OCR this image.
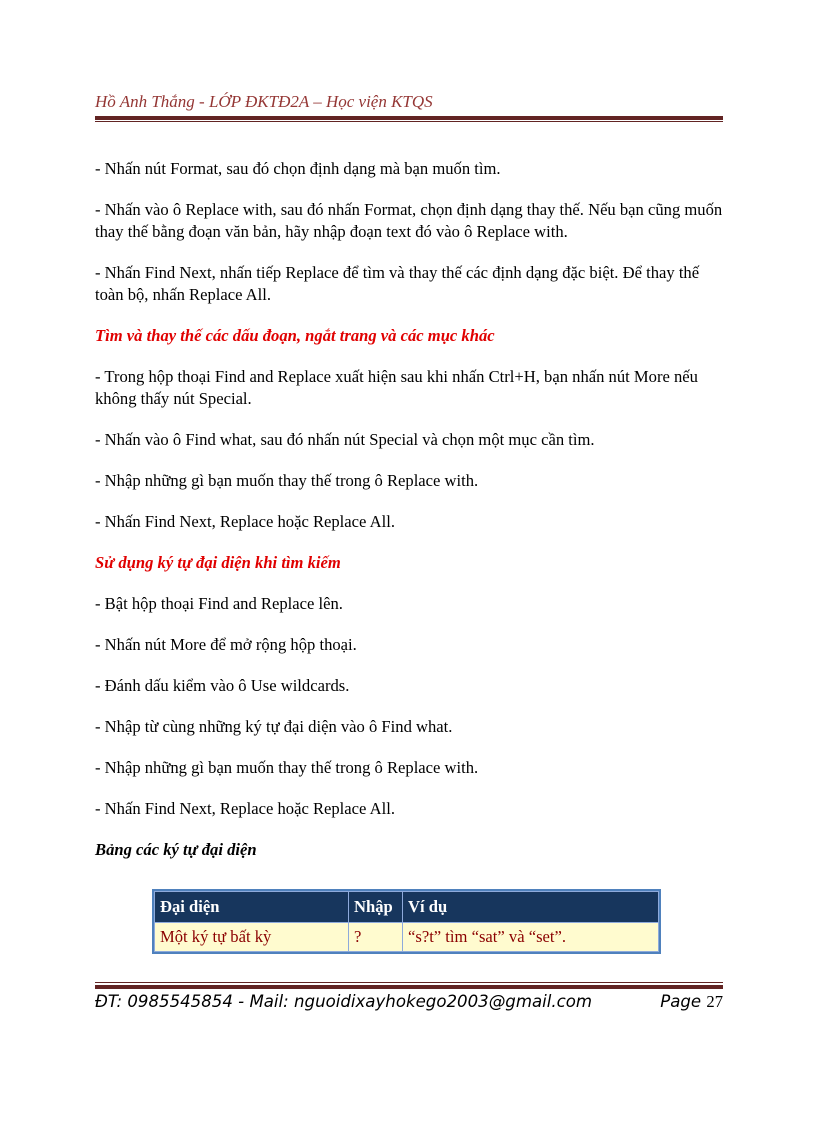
Hồ Anh Thắng - LỚP ĐKTĐ2A – Học viện KTQS

- Nhấn nút Format, sau đó chọn định dạng mà bạn muốn tìm.

- Nhấn vào ô Replace with, sau đó nhấn Format, chọn định dạng thay thế. Nếu bạn cũng muốn thay thế bằng đoạn văn bản, hãy nhập đoạn text đó vào ô Replace with.

- Nhấn Find Next, nhấn tiếp Replace để tìm và thay thế các định dạng đặc biệt. Để thay thế toàn bộ, nhấn Replace All.

Tìm và thay thế các dấu đoạn, ngắt trang và các mục khác

- Trong hộp thoại Find and Replace xuất hiện sau khi nhấn Ctrl+H, bạn nhấn nút More nếu không thấy nút Special.

- Nhấn vào ô Find what, sau đó nhấn nút Special và chọn một mục cần tìm.

- Nhập những gì bạn muốn thay thế trong ô Replace with.

- Nhấn Find Next, Replace hoặc Replace All.

Sử dụng ký tự đại diện khi tìm kiếm

- Bật hộp thoại Find and Replace lên.

- Nhấn nút More để mở rộng hộp thoại.

- Đánh dấu kiểm vào ô Use wildcards.

- Nhập từ cùng những ký tự đại diện vào ô Find what.

- Nhập những gì bạn muốn thay thế trong ô Replace with.

- Nhấn Find Next, Replace hoặc Replace All.

Bảng các ký tự đại diện
Đại diện	Nhập	Ví dụ
Một ký tự bất kỳ	?	“s?t” tìm “sat” và “set”.
ĐT: 0985545854 - Mail: nguoidixayhokego2003@gmail.com	Page 27
